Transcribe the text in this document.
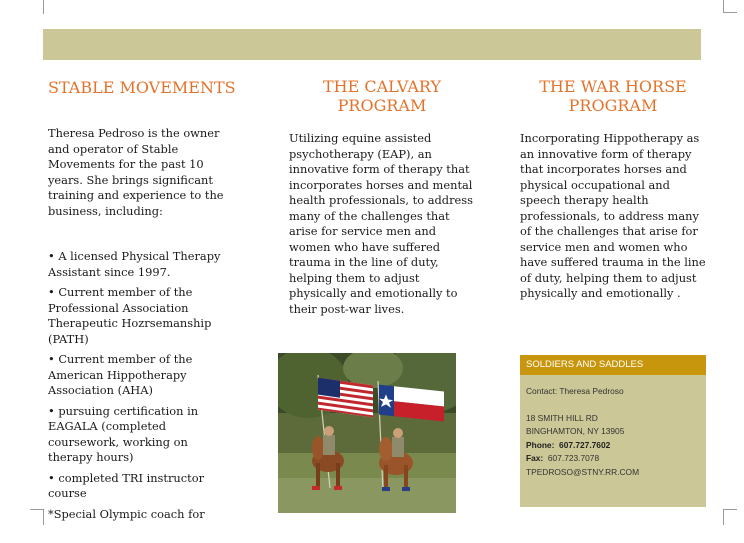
STABLE MOVEMENTS

Theresa Pedroso is the owner and operator of Stable Movements for the past 10 years. She brings significant training and experience to the business, including:

• A licensed Physical Therapy Assistant since 1997.

• Current member of the Professional Association Therapeutic Hozrsemanship (PATH)

• Current member of the American Hippotherapy Association (AHA)

• pursuing certification in EAGALA (completed coursework, working on therapy hours)

• completed TRI instructor course

*Special Olympic coach for

THE CALVARY
PROGRAM
Utilizing equine assisted psychotherapy (EAP), an innovative form of therapy that incorporates horses and mental health professionals, to address many of the challenges that arise for service men and women who have suffered trauma in the line of duty, helping them to adjust physically and emotionally to their post-war lives.
THE WAR HORSE
PROGRAM
Incorporating Hippotherapy as an innovative form of therapy that incorporates horses and physical occupational and speech therapy health professionals, to address many of the challenges that arise for service men and women who have suffered trauma in the line of duty, helping them to adjust physically and emotionally .
SOLDIERS AND SADDLES
Contact: Theresa Pedroso
18 SMITH HILL RD
BINGHAMTON, NY 13905
Phone: 607.727.7602
Fax: 607.723.7078
TPEDROSO@STNY.RR.COM
